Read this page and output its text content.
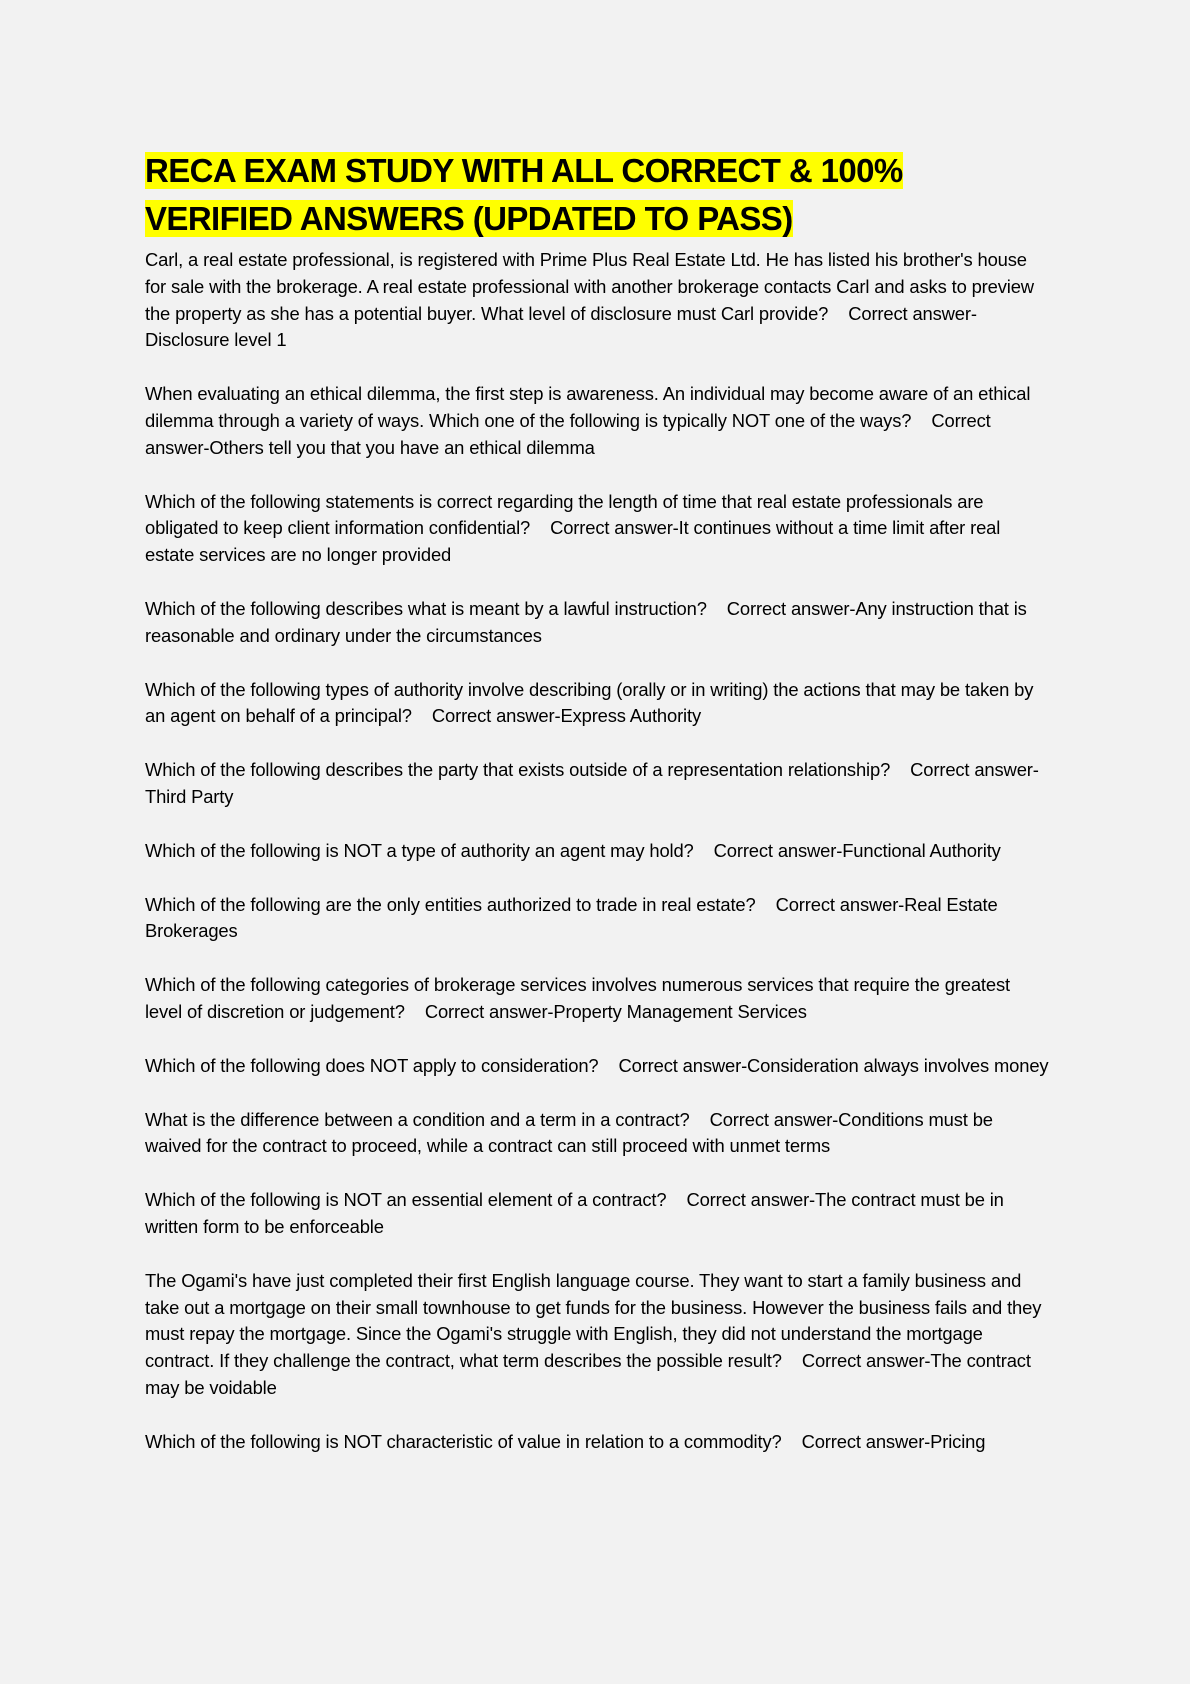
RECA EXAM STUDY WITH ALL CORRECT & 100%
VERIFIED ANSWERS (UPDATED TO PASS)

Carl, a real estate professional, is registered with Prime Plus Real Estate Ltd. He has listed his brother's house for sale with the brokerage. A real estate professional with another brokerage contacts Carl and asks to preview the property as she has a potential buyer. What level of disclosure must Carl provide? Correct answer-Disclosure level 1

When evaluating an ethical dilemma, the first step is awareness. An individual may become aware of an ethical dilemma through a variety of ways. Which one of the following is typically NOT one of the ways? Correct answer-Others tell you that you have an ethical dilemma

Which of the following statements is correct regarding the length of time that real estate professionals are obligated to keep client information confidential? Correct answer-It continues without a time limit after real estate services are no longer provided

Which of the following describes what is meant by a lawful instruction? Correct answer-Any instruction that is reasonable and ordinary under the circumstances

Which of the following types of authority involve describing (orally or in writing) the actions that may be taken by an agent on behalf of a principal? Correct answer-Express Authority

Which of the following describes the party that exists outside of a representation relationship? Correct answer-Third Party

Which of the following is NOT a type of authority an agent may hold? Correct answer-Functional Authority

Which of the following are the only entities authorized to trade in real estate? Correct answer-Real Estate Brokerages

Which of the following categories of brokerage services involves numerous services that require the greatest level of discretion or judgement? Correct answer-Property Management Services

Which of the following does NOT apply to consideration? Correct answer-Consideration always involves money

What is the difference between a condition and a term in a contract? Correct answer-Conditions must be waived for the contract to proceed, while a contract can still proceed with unmet terms

Which of the following is NOT an essential element of a contract? Correct answer-The contract must be in written form to be enforceable

The Ogami's have just completed their first English language course. They want to start a family business and take out a mortgage on their small townhouse to get funds for the business. However the business fails and they must repay the mortgage. Since the Ogami's struggle with English, they did not understand the mortgage contract. If they challenge the contract, what term describes the possible result? Correct answer-The contract may be voidable

Which of the following is NOT characteristic of value in relation to a commodity? Correct answer-Pricing
